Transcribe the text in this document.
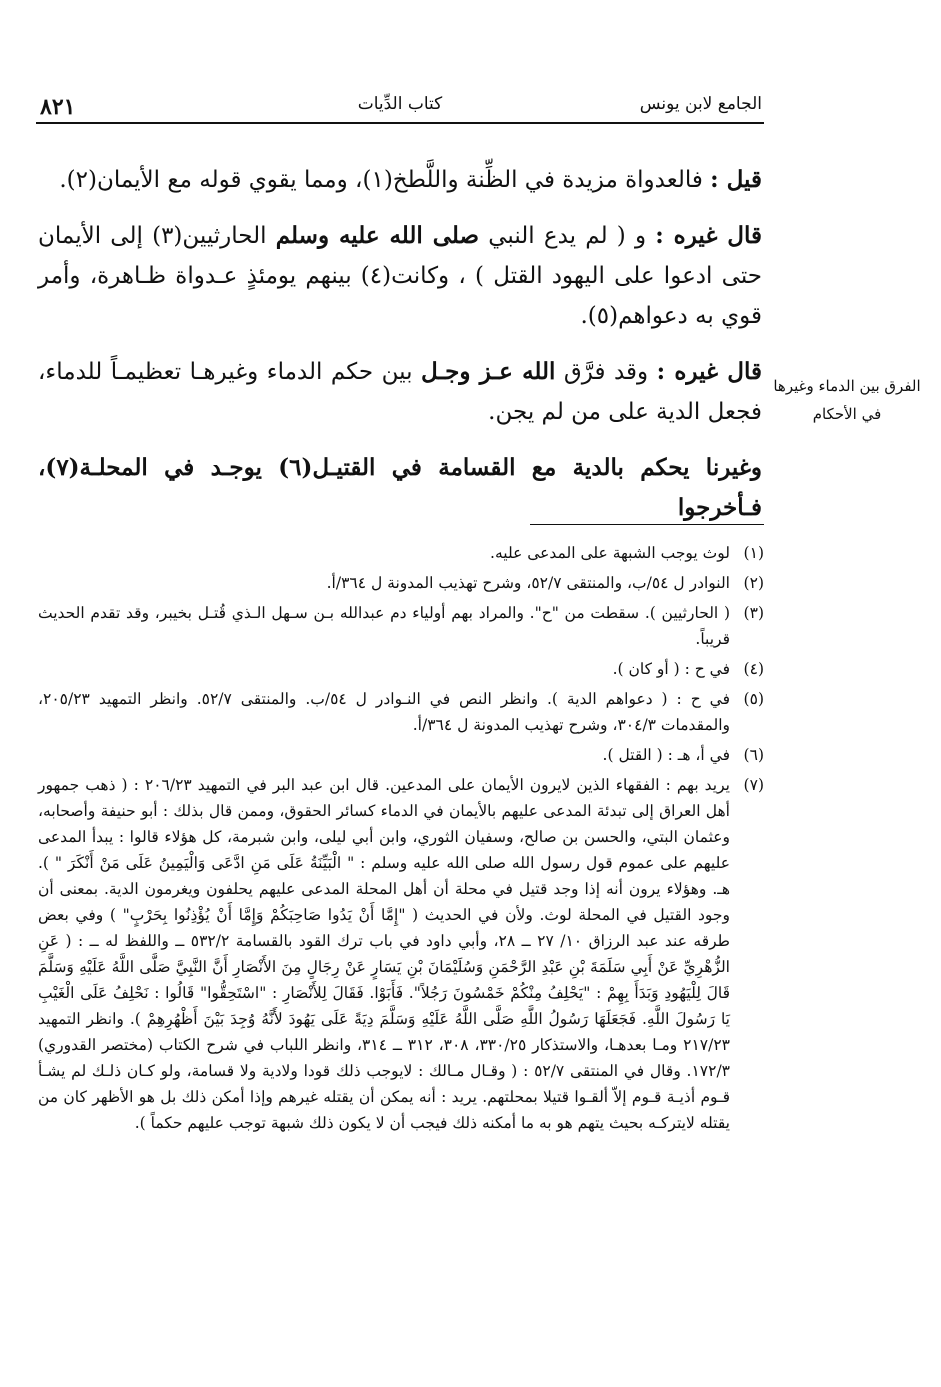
الجامع لابن يونس
كتاب الدِّيات
٨٢١

قيل : فالعدواة مزيدة في الظِّنة واللَّطخ(١)، ومما يقوي قوله مع الأيمان(٢).

قال غيره : و ( لم يدع النبي صلى الله عليه وسلم الحارثيين(٣) إلى الأيمان حتى ادعوا على اليهود القتل ) ، وكانت(٤) بينهم يومئذٍ عـدواة ظـاهرة، وأمر قوي به دعواهم(٥).

قال غيره : وقد فرَّق الله عـز وجـل بين حكم الدماء وغيرهـا تعظيمـاً للدماء، فجعل الدية على من لم يجن.

وغيرنا يحكم بالدية مع القسامة في القتيـل(٦) يوجـد في المحلـة(٧)، فـأخرجوا

الفرق بين الدماء وغيرها في الأحكام
(١)
لوث يوجب الشبهة على المدعى عليه.
(٢)
النوادر ل ٥٤/ب، والمنتقى ٥٢/٧، وشرح تهذيب المدونة ل ٣٦٤/أ.
(٣)
( الحارثيين ). سقطت من "ح". والمراد بهم أولياء دم عبدالله بـن سـهل الـذي قُتـل بخيبر، وقد تقدم الحديث قريباً.
(٤)
في ح : ( أو كان ).
(٥)
في ح : ( دعواهم الدية ). وانظر النص في النـوادر ل ٥٤/ب. والمنتقى ٥٢/٧. وانظر التمهيد ٢٠٥/٢٣، والمقدمات ٣٠٤/٣، وشرح تهذيب المدونة ل ٣٦٤/أ.
(٦)
في أ، هـ : ( القتل ).
(٧)
يريد بهم : الفقهاء الذين لايرون الأيمان على المدعين. قال ابن عبد البر في التمهيد ٢٠٦/٢٣ : ( ذهب جمهور أهل العراق إلى تبدئة المدعى عليهم بالأيمان في الدماء كسائر الحقوق، وممن قال بذلك : أبو حنيفة وأصحابه، وعثمان البتي، والحسن بن صالح، وسفيان الثوري، وابن أبي ليلى، وابن شبرمة، كل هؤلاء قالوا : يبدأ المدعى عليهم على عموم قول رسول الله صلى الله عليه وسلم : " الْبَيِّنَةُ عَلَى مَنِ ادَّعَى وَالْيَمِينُ عَلَى مَنْ أَنْكَرَ " ). هـ. وهؤلاء يرون أنه إذا وجد قتيل في محلة أن أهل المحلة المدعى عليهم يحلفون ويغرمون الدية. بمعنى أن وجود القتيل في المحلة لوث. ولأن في الحديث ( "إِمَّا أَنْ يَدُوا صَاحِبَكُمْ وَإِمَّا أَنْ يُؤْذِنُوا بِحَرْبٍ" ) وفي بعض طرقه عند عبد الرزاق ١٠/ ٢٧ ــ ٢٨، وأبي داود في باب ترك القود بالقسامة ٥٣٢/٢ ــ واللفظ له ــ : ( عَنِ الزُّهْرِيِّ عَنْ أَبِي سَلَمَةَ بْنِ عَبْدِ الرَّحْمَنِ وَسُلَيْمَانَ بْنِ يَسَارٍ عَنْ رِجَالٍ مِنَ الأَنْصَارِ أَنَّ النَّبِيَّ صَلَّى اللَّهُ عَلَيْهِ وَسَلَّمَ قَالَ لِلْيَهُودِ وَبَدَأَ بِهِمْ : "يَحْلِفُ مِنْكُمْ خَمْسُونَ رَجُلاً". فَأَبَوْا. فَقَالَ لِلأَنْصَارِ : "اسْتَحِقُّوا" قَالُوا : نَحْلِفُ عَلَى الْغَيْبِ يَا رَسُولَ اللَّهِ. فَجَعَلَهَا رَسُولُ اللَّهِ صَلَّى اللَّهُ عَلَيْهِ وَسَلَّمَ دِيَةً عَلَى يَهُودَ لأَنَّهُ وُجِدَ بَيْنَ أَظْهُرِهِمْ ). وانظر التمهيد ٢١٧/٢٣ ومـا بعدهـا، والاستذكار ٣٣٠/٢٥، ٣٠٨، ٣١٢ ــ ٣١٤، وانظر اللباب في شرح الكتاب (مختصر القدوري) ١٧٢/٣. وقال في المنتقى ٥٢/٧ : ( وقـال مـالك : لايوجب ذلك قودا ولادية ولا قسامة، ولو كـان ذلـك لم يشـأ قـوم أذيـة قـوم إلاّ ألقـوا قتيلا بمحلتهم. يريد : أنه يمكن أن يقتله غيرهم وإذا أمكن ذلك بل هو الأظهر كان من يقتله لايتركـه بحيث يتهم هو به ما أمكنه ذلك فيجب أن لا يكون ذلك شبهة توجب عليهم حكماً ).
